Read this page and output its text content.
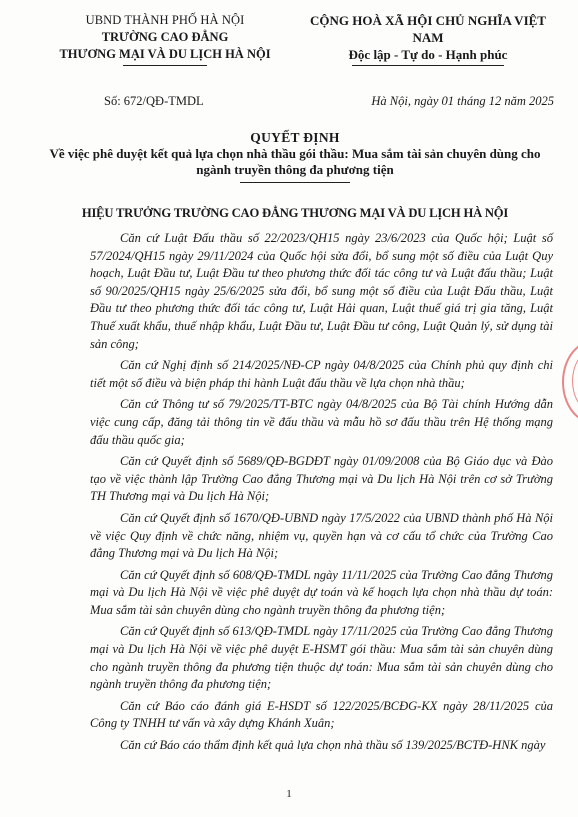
UBND THÀNH PHỐ HÀ NỘI
TRƯỜNG CAO ĐẲNG
THƯƠNG MẠI VÀ DU LỊCH HÀ NỘI
CỘNG HOÀ XÃ HỘI CHỦ NGHĨA VIỆT NAM
Độc lập - Tự do - Hạnh phúc
Số: 672/QĐ-TMDL	Hà Nội, ngày 01 tháng 12 năm 2025
QUYẾT ĐỊNH
Về việc phê duyệt kết quả lựa chọn nhà thầu gói thầu: Mua sắm tài sản chuyên dùng cho
ngành truyền thông đa phương tiện
HIỆU TRƯỞNG TRƯỜNG CAO ĐẲNG THƯƠNG MẠI VÀ DU LỊCH HÀ NỘI

Căn cứ Luật Đấu thầu số 22/2023/QH15 ngày 23/6/2023 của Quốc hội; Luật số 57/2024/QH15 ngày 29/11/2024 của Quốc hội sửa đổi, bổ sung một số điều của Luật Quy hoạch, Luật Đầu tư, Luật Đầu tư theo phương thức đối tác công tư và Luật đấu thầu; Luật số 90/2025/QH15 ngày 25/6/2025 sửa đổi, bổ sung một số điều của Luật Đấu thầu, Luật Đầu tư theo phương thức đối tác công tư, Luật Hải quan, Luật thuế giá trị gia tăng, Luật Thuế xuất khẩu, thuế nhập khẩu, Luật Đầu tư, Luật Đầu tư công, Luật Quản lý, sử dụng tài sản công;

Căn cứ Nghị định số 214/2025/NĐ-CP ngày 04/8/2025 của Chính phủ quy định chi tiết một số điều và biện pháp thi hành Luật đấu thầu về lựa chọn nhà thầu;

Căn cứ Thông tư số 79/2025/TT-BTC ngày 04/8/2025 của Bộ Tài chính Hướng dẫn việc cung cấp, đăng tải thông tin về đấu thầu và mẫu hồ sơ đấu thầu trên Hệ thống mạng đấu thầu quốc gia;

Căn cứ Quyết định số 5689/QĐ-BGDĐT ngày 01/09/2008 của Bộ Giáo dục và Đào tạo về việc thành lập Trường Cao đẳng Thương mại và Du lịch Hà Nội trên cơ sở Trường TH Thương mại và Du lịch Hà Nội;

Căn cứ Quyết định số 1670/QĐ-UBND ngày 17/5/2022 của UBND thành phố Hà Nội về việc Quy định về chức năng, nhiệm vụ, quyền hạn và cơ cấu tổ chức của Trường Cao đẳng Thương mại và Du lịch Hà Nội;

Căn cứ Quyết định số 608/QĐ-TMDL ngày 11/11/2025 của Trường Cao đẳng Thương mại và Du lịch Hà Nội về việc phê duyệt dự toán và kế hoạch lựa chọn nhà thầu dự toán: Mua sắm tài sản chuyên dùng cho ngành truyền thông đa phương tiện;

Căn cứ Quyết định số 613/QĐ-TMDL ngày 17/11/2025 của Trường Cao đẳng Thương mại và Du lịch Hà Nội về việc phê duyệt E-HSMT gói thầu: Mua sắm tài sản chuyên dùng cho ngành truyền thông đa phương tiện thuộc dự toán: Mua sắm tài sản chuyên dùng cho ngành truyền thông đa phương tiện;

Căn cứ Báo cáo đánh giá E-HSDT số 122/2025/BCĐG-KX ngày 28/11/2025 của Công ty TNHH tư vấn và xây dựng Khánh Xuân;

Căn cứ Báo cáo thẩm định kết quả lựa chọn nhà thầu số 139/2025/BCTĐ-HNK ngày

1
